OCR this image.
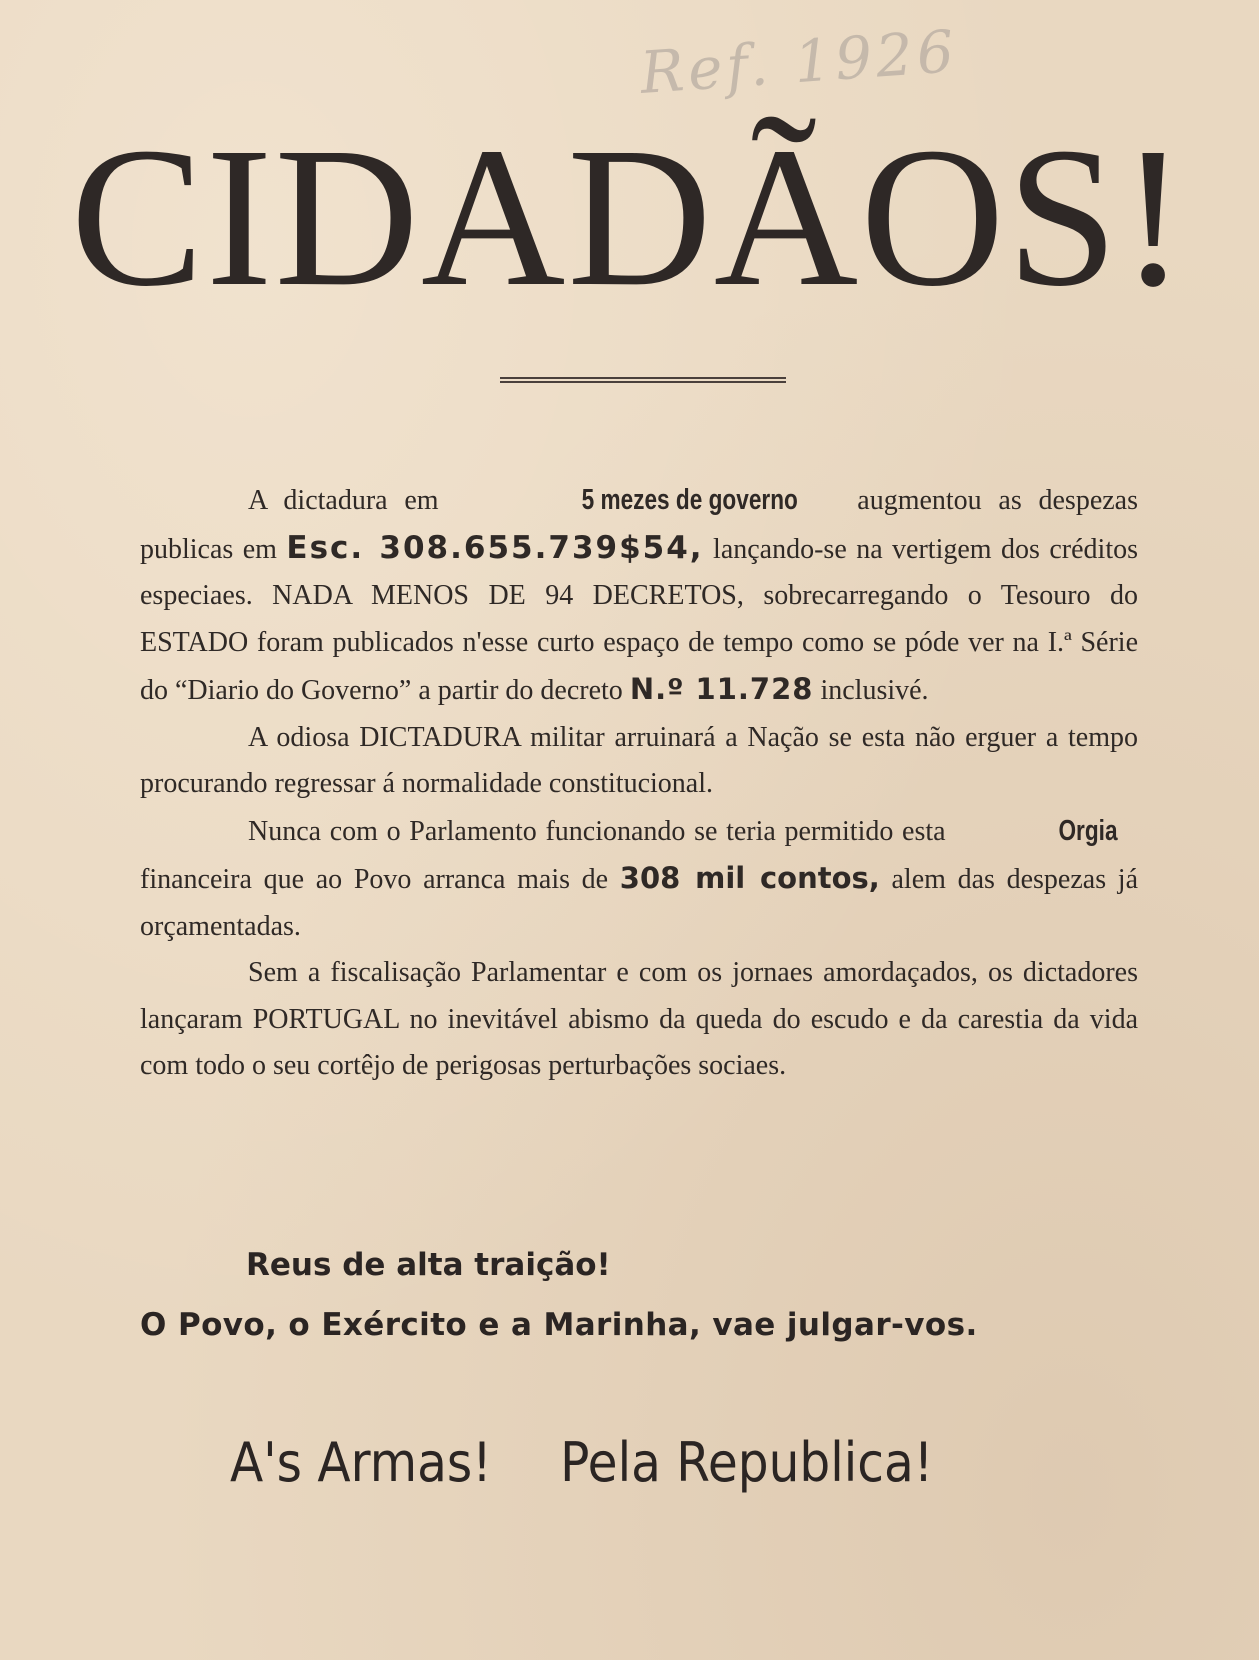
Ref. 1926
CIDADÃOS!

A dictadura em	5 mezes de governo augmentou as despezas publicas em Esc. 308.655.739$54, lançando-se na vertigem dos créditos especiaes. NADA MENOS DE 94 DECRETOS, sobrecarregando o Tesouro do ESTADO foram publicados n'esse curto espaço de tempo como se póde ver na I.ª Série do “Diario do Governo” a partir do decreto N.º 11.728 inclusivé.

A odiosa DICTADURA militar arruinará a Nação se esta não erguer a tempo procurando regressar á normalidade constitucional.

Nunca com o Parlamento funcionando se teria permitido esta	Orgia financeira que ao Povo arranca mais de 308 mil contos, alem das despezas já orçamentadas.

Sem a fiscalisação Parlamentar e com os jornaes amordaçados, os dictadores lançaram PORTUGAL no inevitável abismo da queda do escudo e da carestia da vida com todo o seu cortêjo de perigosas perturbações sociaes.

Reus de alta traição!
O Povo, o Exército e a Marinha, vae julgar-vos.
A's Armas! Pela Republica!
